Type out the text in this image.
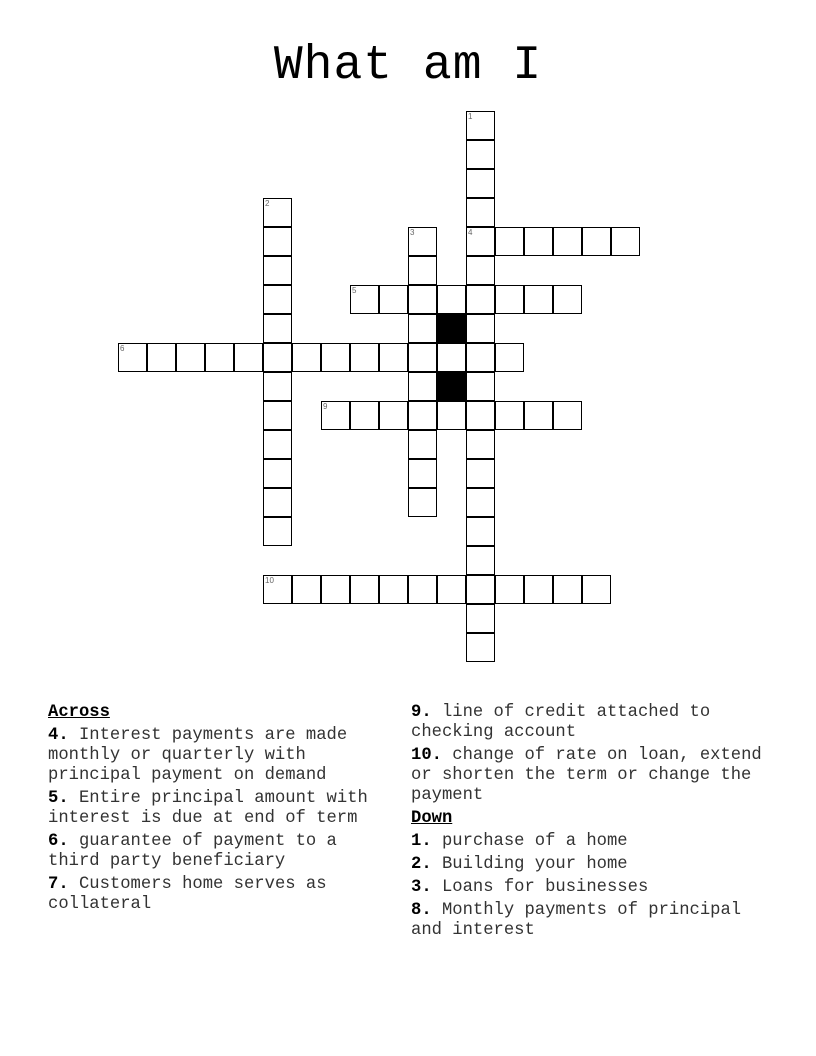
What am I
4
5
6
9
10
1
2
3
Across
4. Interest payments are made monthly or quarterly with principal payment on demand
5. Entire principal amount with interest is due at end of term
6. guarantee of payment to a third party beneficiary
7. Customers home serves as collateral
9. line of credit attached to checking account
10. change of rate on loan, extend or shorten the term or change the payment
Down
1. purchase of a home
2. Building your home
3. Loans for businesses
8. Monthly payments of principal and interest
